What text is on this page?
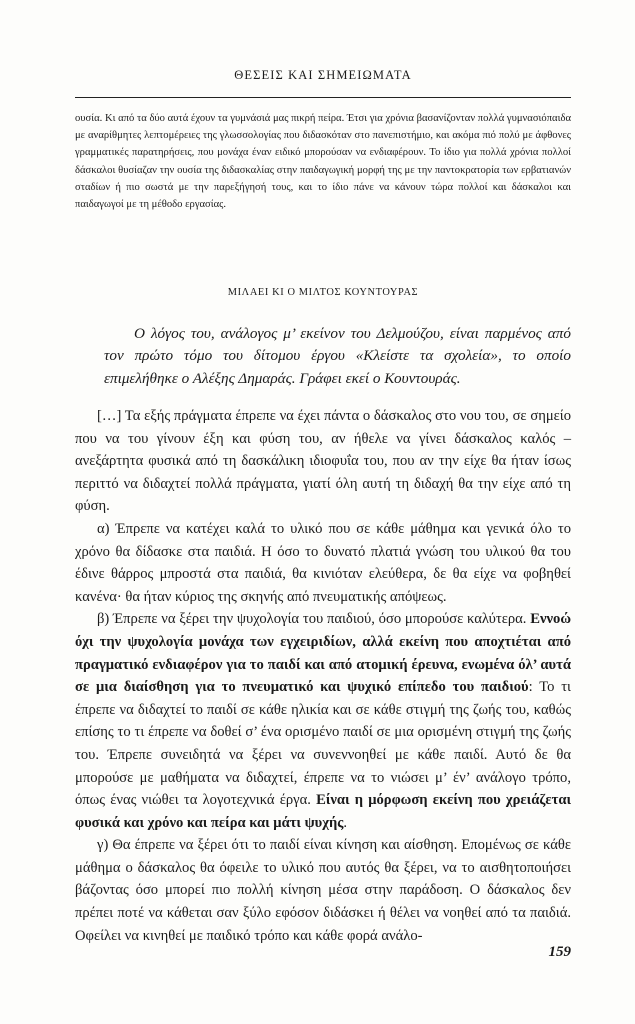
ΘΕΣΕΙΣ ΚΑΙ ΣΗΜΕΙΩΜΑΤΑ

ουσία. Κι από τα δύο αυτά έχουν τα γυμνάσιά μας πικρή πείρα. Έτσι για χρόνια βασανίζονταν πολλά γυμνασιόπαιδα με αναρίθμητες λεπτομέρειες της γλωσσολογίας που διδασκόταν στο πανεπιστήμιο, και ακόμα πιό πολύ με άφθονες γραμματικές παρατηρήσεις, που μονάχα έναν ειδικό μπορούσαν να ενδιαφέρουν. Το ίδιο για πολλά χρόνια πολλοί δάσκαλοι θυσίαζαν την ουσία της διδασκαλίας στην παιδαγωγική μορφή της με την παντοκρατορία των ερβατιανών σταδίων ή πιο σωστά με την παρεξήγησή τους, και το ίδιο πάνε να κάνουν τώρα πολλοί και δάσκαλοι και παιδαγωγοί με τη μέθοδο εργασίας.

ΜΙΛΑΕΙ ΚΙ Ο ΜΙΛΤΟΣ ΚΟΥΝΤΟΥΡΑΣ

Ο λόγος του, ανάλογος μ’ εκείνον του Δελμούζου, είναι παρμένος από τον πρώτο τόμο του δίτομου έργου «Κλείστε τα σχολεία», το οποίο επιμελήθηκε ο Αλέξης Δημαράς. Γράφει εκεί ο Κουντουράς.

[…] Τα εξής πράγματα έπρεπε να έχει πάντα ο δάσκαλος στο νου του, σε σημείο που να του γίνουν έξη και φύση του, αν ήθελε να γίνει δάσκαλος καλός – ανεξάρτητα φυσικά από τη δασκάλικη ιδιοφυΐα του, που αν την είχε θα ήταν ίσως περιττό να διδαχτεί πολλά πράγματα, γιατί όλη αυτή τη διδαχή θα την είχε από τη φύση.

α) Έπρεπε να κατέχει καλά το υλικό που σε κάθε μάθημα και γενικά όλο το χρόνο θα δίδασκε στα παιδιά. Η όσο το δυνατό πλατιά γνώση του υλικού θα του έδινε θάρρος μπροστά στα παιδιά, θα κινιόταν ελεύθερα, δε θα είχε να φοβηθεί κανένα· θα ήταν κύριος της σκηνής από πνευματικής απόψεως.

β) Έπρεπε να ξέρει την ψυχολογία του παιδιού, όσο μπορούσε καλύτερα. Εννοώ όχι την ψυχολογία μονάχα των εγχειριδίων, αλλά εκείνη που αποχτιέται από πραγματικό ενδιαφέρον για το παιδί και από ατομική έρευνα, ενωμένα όλ’ αυτά σε μια διαίσθηση για το πνευματικό και ψυχικό επίπεδο του παιδιού: Το τι έπρεπε να διδαχτεί το παιδί σε κάθε ηλικία και σε κάθε στιγμή της ζωής του, καθώς επίσης το τι έπρεπε να δοθεί σ’ ένα ορισμένο παιδί σε μια ορισμένη στιγμή της ζωής του. Έπρεπε συνειδητά να ξέρει να συνεννοηθεί με κάθε παιδί. Αυτό δε θα μπορούσε με μαθήματα να διδαχτεί, έπρεπε να το νιώσει μ’ έν’ ανάλογο τρόπο, όπως ένας νιώθει τα λογοτεχνικά έργα. Είναι η μόρφωση εκείνη που χρειάζεται φυσικά και χρόνο και πείρα και μάτι ψυχής.

γ) Θα έπρεπε να ξέρει ότι το παιδί είναι κίνηση και αίσθηση. Επομένως σε κάθε μάθημα ο δάσκαλος θα όφειλε το υλικό που αυτός θα ξέρει, να το αισθητοποιήσει βάζοντας όσο μπορεί πιο πολλή κίνηση μέσα στην παράδοση. Ο δάσκαλος δεν πρέπει ποτέ να κάθεται σαν ξύλο εφόσον διδάσκει ή θέλει να νοηθεί από τα παιδιά. Οφείλει να κινηθεί με παιδικό τρόπο και κάθε φορά ανάλο-

159
